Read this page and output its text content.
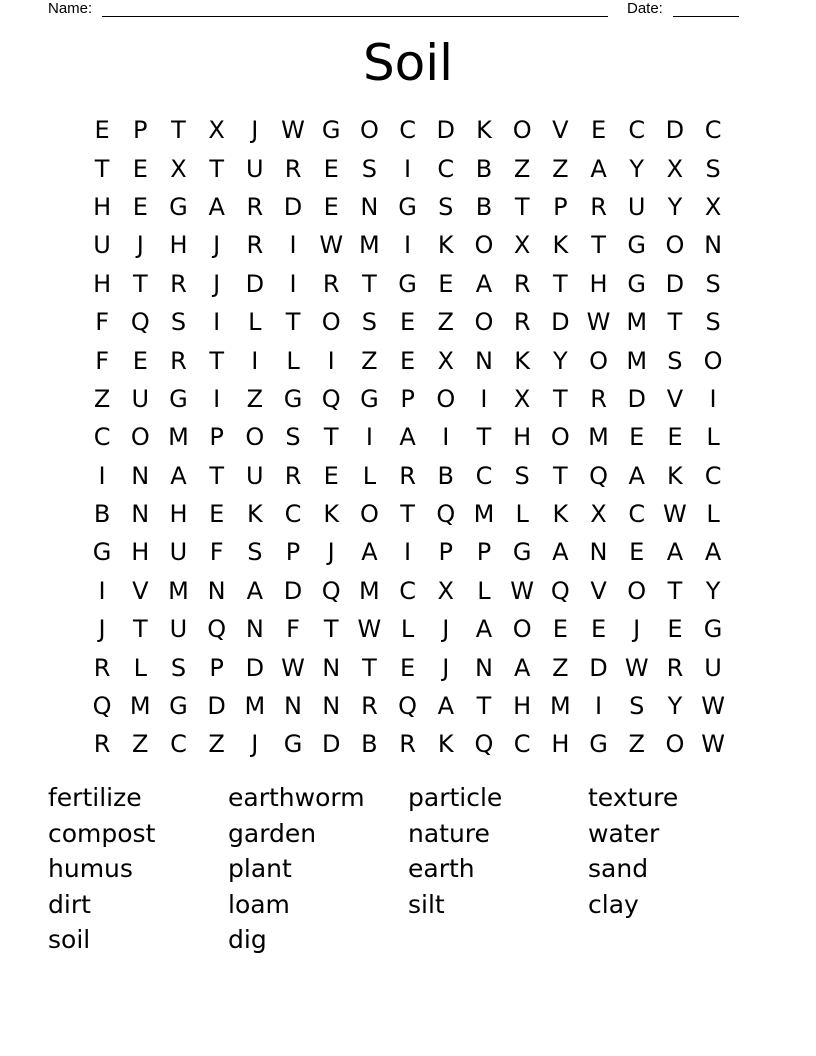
Name:	Date:
Soil
E P T X	J W G O C D K O V E C D C
T E X T U R E S	I	C B Z Z A Y X S
H E G A R D E N G S B T P R U Y X
U	J	H	J	R	I W M	I	K O X K T G O N
H T R	J	D	I	R T G E A R T H G D S
F Q S	I	L	T O S E Z O R D W M T S
F E R T	I	L	I	Z E X N K Y O M S O
Z U G	I	Z G Q G P O	I	X T R D V	I
C O M P O S T	I	A	I	T H O M E E L
I	N A T U R E L R B C S T Q A K C
B N H E K C K O T Q M L K X C W L
G H U F S P	J	A	I	P P G A N E A A
I	V M N A D Q M C X L W Q V O T Y
J	T U Q N F T W L	J	A O E E	J	E G
R L S P D W N T E	J	N A Z D W R U
Q M G D M N N R Q A T H M	I	S Y W
R Z C Z	J	G D B R K Q C H G Z O W
fertilize	earthworm	particle	texture
compost	garden	nature	water
humus	plant	earth	sand
dirt	loam	silt	clay
soil	dig
